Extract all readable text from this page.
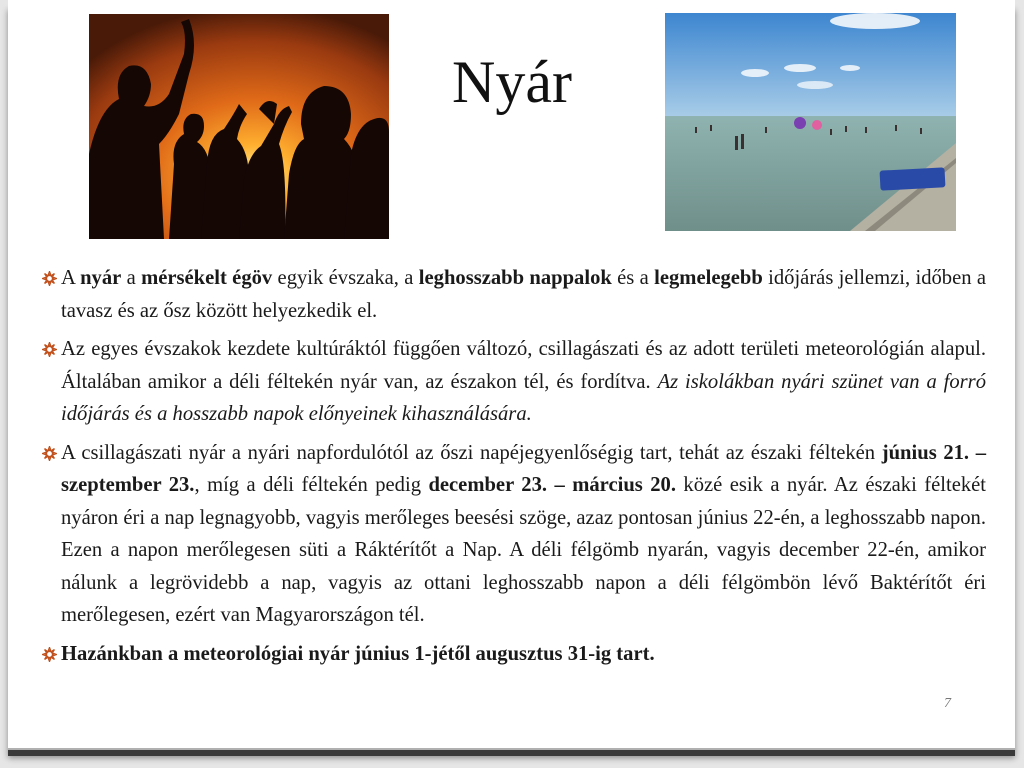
Nyár
A nyár a mérsékelt égöv egyik évszaka, a leghosszabb nappalok és a legmelegebb időjárás jellemzi, időben a tavasz és az ősz között helyezkedik el.
Az egyes évszakok kezdete kultúráktól függően változó, csillagászati és az adott területi meteorológián alapul. Általában amikor a déli féltekén nyár van, az északon tél, és fordítva. Az iskolákban nyári szünet van a forró időjárás és a hosszabb napok előnyeinek kihasználására.
A csillagászati nyár a nyári napfordulótól az őszi napéjegyenlőségig tart, tehát az északi féltekén június 21. – szeptember 23., míg a déli féltekén pedig december 23. – március 20. közé esik a nyár. Az északi féltekét nyáron éri a nap legnagyobb, vagyis merőleges beesési szöge, azaz pontosan június 22-én, a leghosszabb napon. Ezen a napon merőlegesen süti a Ráktérítőt a Nap. A déli félgömb nyarán, vagyis december 22-én, amikor nálunk a legrövidebb a nap, vagyis az ottani leghosszabb napon a déli félgömbön lévő Baktérítőt éri merőlegesen, ezért van Magyarországon tél.
Hazánkban a meteorológiai nyár június 1-jétől augusztus 31-ig tart.
7
